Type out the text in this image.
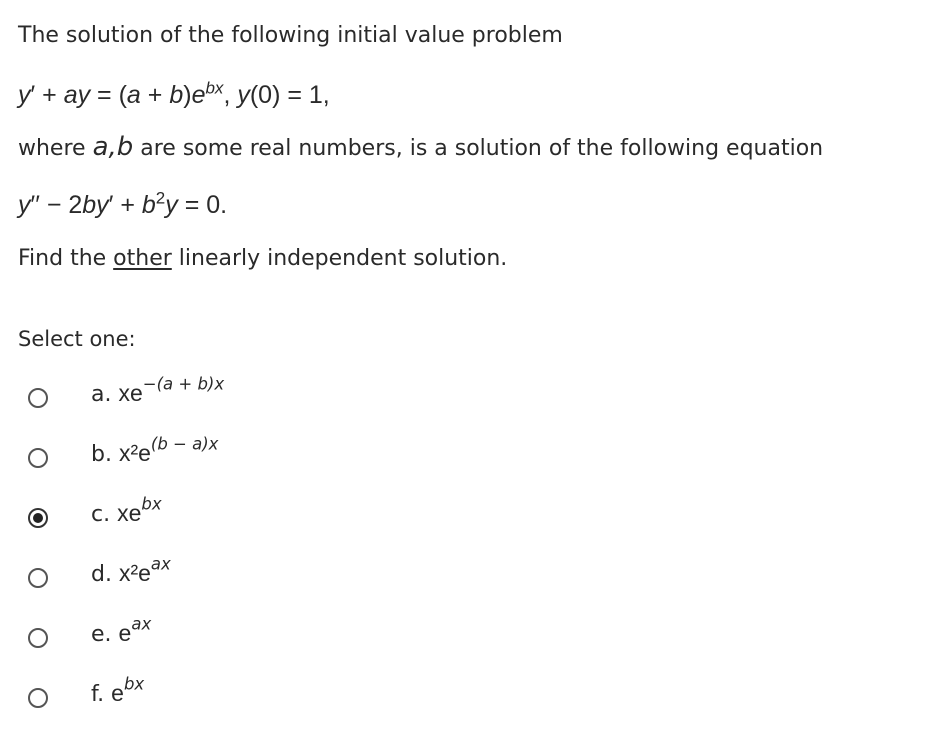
The solution of the following initial value problem
y′ + ay = $(a + b)e^{bx}$, y(0) = 1,
where a,b are some real numbers, is a solution of the following equation
$y'' - 2by' + b^2y = 0$.
Find the other linearly independent solution.
Select one:
a. $xe^{-(a + b)x}$
b. $x^2e^{(b - a)x}$
c. $xe^{bx}$
d. $x^2e^{ax}$
e. $e^{ax}$
f. $e^{bx}$
